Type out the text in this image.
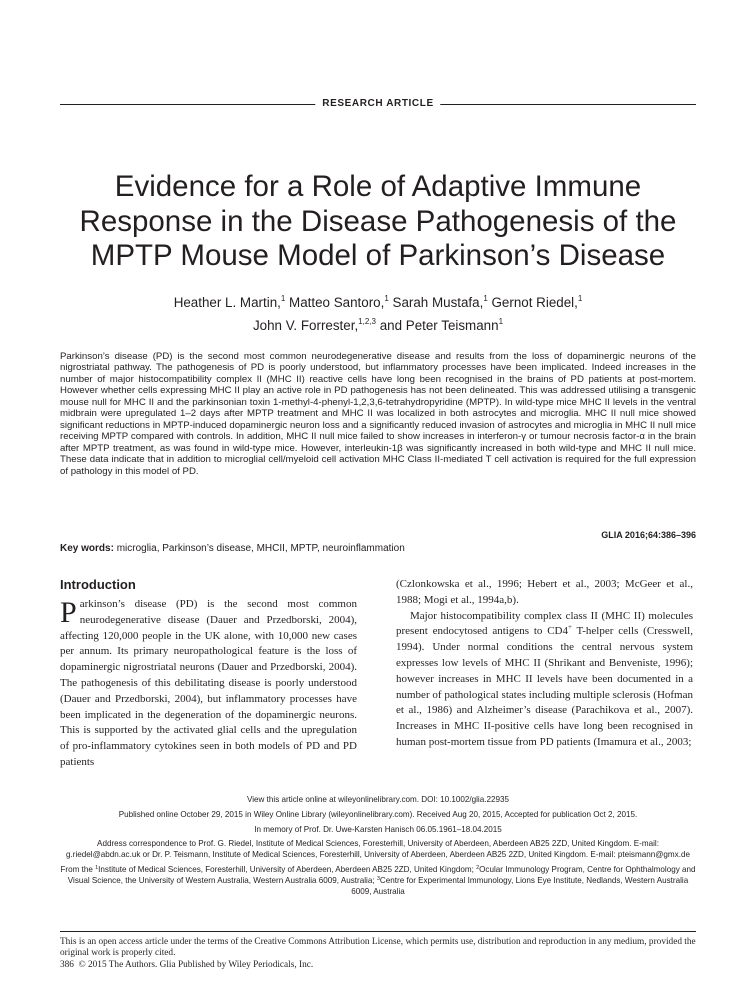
RESEARCH ARTICLE
Evidence for a Role of Adaptive Immune
Response in the Disease Pathogenesis of the
MPTP Mouse Model of Parkinson’s Disease
Heather L. Martin,$^1$ Matteo Santoro,$^1$ Sarah Mustafa,$^1$ Gernot Riedel,$^1$
John V. Forrester,$^{1,2,3}$ and Peter Teismann$^1$

Parkinson’s disease (PD) is the second most common neurodegenerative disease and results from the loss of dopaminergic neurons of the nigrostriatal pathway. The pathogenesis of PD is poorly understood, but inflammatory processes have been implicated. Indeed increases in the number of major histocompatibility complex II (MHC II) reactive cells have long been recognised in the brains of PD patients at post-mortem. However whether cells expressing MHC II play an active role in PD pathogenesis has not been delineated. This was addressed utilising a transgenic mouse null for MHC II and the parkinsonian toxin 1-methyl-4-phenyl-1,2,3,6-tetrahydropyridine (MPTP). In wild-type mice MHC II levels in the ventral midbrain were upregulated 1–2 days after MPTP treatment and MHC II was localized in both astrocytes and microglia. MHC II null mice showed significant reductions in MPTP-induced dopaminergic neuron loss and a significantly reduced invasion of astrocytes and microglia in MHC II null mice receiving MPTP compared with controls. In addition, MHC II null mice failed to show increases in interferon-γ or tumour necrosis factor-α in the brain after MPTP treatment, as was found in wild-type mice. However, interleukin-1β was significantly increased in both wild-type and MHC II null mice. These data indicate that in addition to microglial cell/myeloid cell activation MHC Class II-mediated T cell activation is required for the full expression of pathology in this model of PD.

GLIA 2016;64:386–396
Key words: microglia, Parkinson’s disease, MHCII, MPTP, neuroinflammation
Introduction

Parkinson’s disease (PD) is the second most common neurodegenerative disease (Dauer and Przedborski, 2004), affecting 120,000 people in the UK alone, with 10,000 new cases per annum. Its primary neuropathological feature is the loss of dopaminergic nigrostriatal neurons (Dauer and Przedborski, 2004). The pathogenesis of this debilitating disease is poorly understood (Dauer and Przedborski, 2004), but inflammatory processes have been implicated in the degeneration of the dopaminergic neurons. This is supported by the activated glial cells and the upregulation of pro-inflammatory cytokines seen in both models of PD and PD patients

(Czlonkowska et al., 1996; Hebert et al., 2003; McGeer et al., 1988; Mogi et al., 1994a,b).

Major histocompatibility complex class II (MHC II) molecules present endocytosed antigens to CD4+ T-helper cells (Cresswell, 1994). Under normal conditions the central nervous system expresses low levels of MHC II (Shrikant and Benveniste, 1996); however increases in MHC II levels have been documented in a number of pathological states including multiple sclerosis (Hofman et al., 1986) and Alzheimer’s disease (Parachikova et al., 2007). Increases in MHC II-positive cells have long been recognised in human post-mortem tissue from PD patients (Imamura et al., 2003;

View this article online at wileyonlinelibrary.com. DOI: 10.1002/glia.22935

Published online October 29, 2015 in Wiley Online Library (wileyonlinelibrary.com). Received Aug 20, 2015, Accepted for publication Oct 2, 2015.

In memory of Prof. Dr. Uwe-Karsten Hanisch 06.05.1961–18.04.2015

Address correspondence to Prof. G. Riedel, Institute of Medical Sciences, Foresterhill, University of Aberdeen, Aberdeen AB25 2ZD, United Kingdom. E-mail: g.riedel@abdn.ac.uk or Dr. P. Teismann, Institute of Medical Sciences, Foresterhill, University of Aberdeen, Aberdeen AB25 2ZD, United Kingdom. E-mail: pteismann@gmx.de

From the $^1$Institute of Medical Sciences, Foresterhill, University of Aberdeen, Aberdeen AB25 2ZD, United Kingdom; $^2$Ocular Immunology Program, Centre for Ophthalmology and Visual Science, the University of Western Australia, Western Australia 6009, Australia; $^3$Centre for Experimental Immunology, Lions Eye Institute, Nedlands, Western Australia 6009, Australia

This is an open access article under the terms of the Creative Commons Attribution License, which permits use, distribution and reproduction in any medium, provided the original work is properly cited.
386 © 2015 The Authors. Glia Published by Wiley Periodicals, Inc.
